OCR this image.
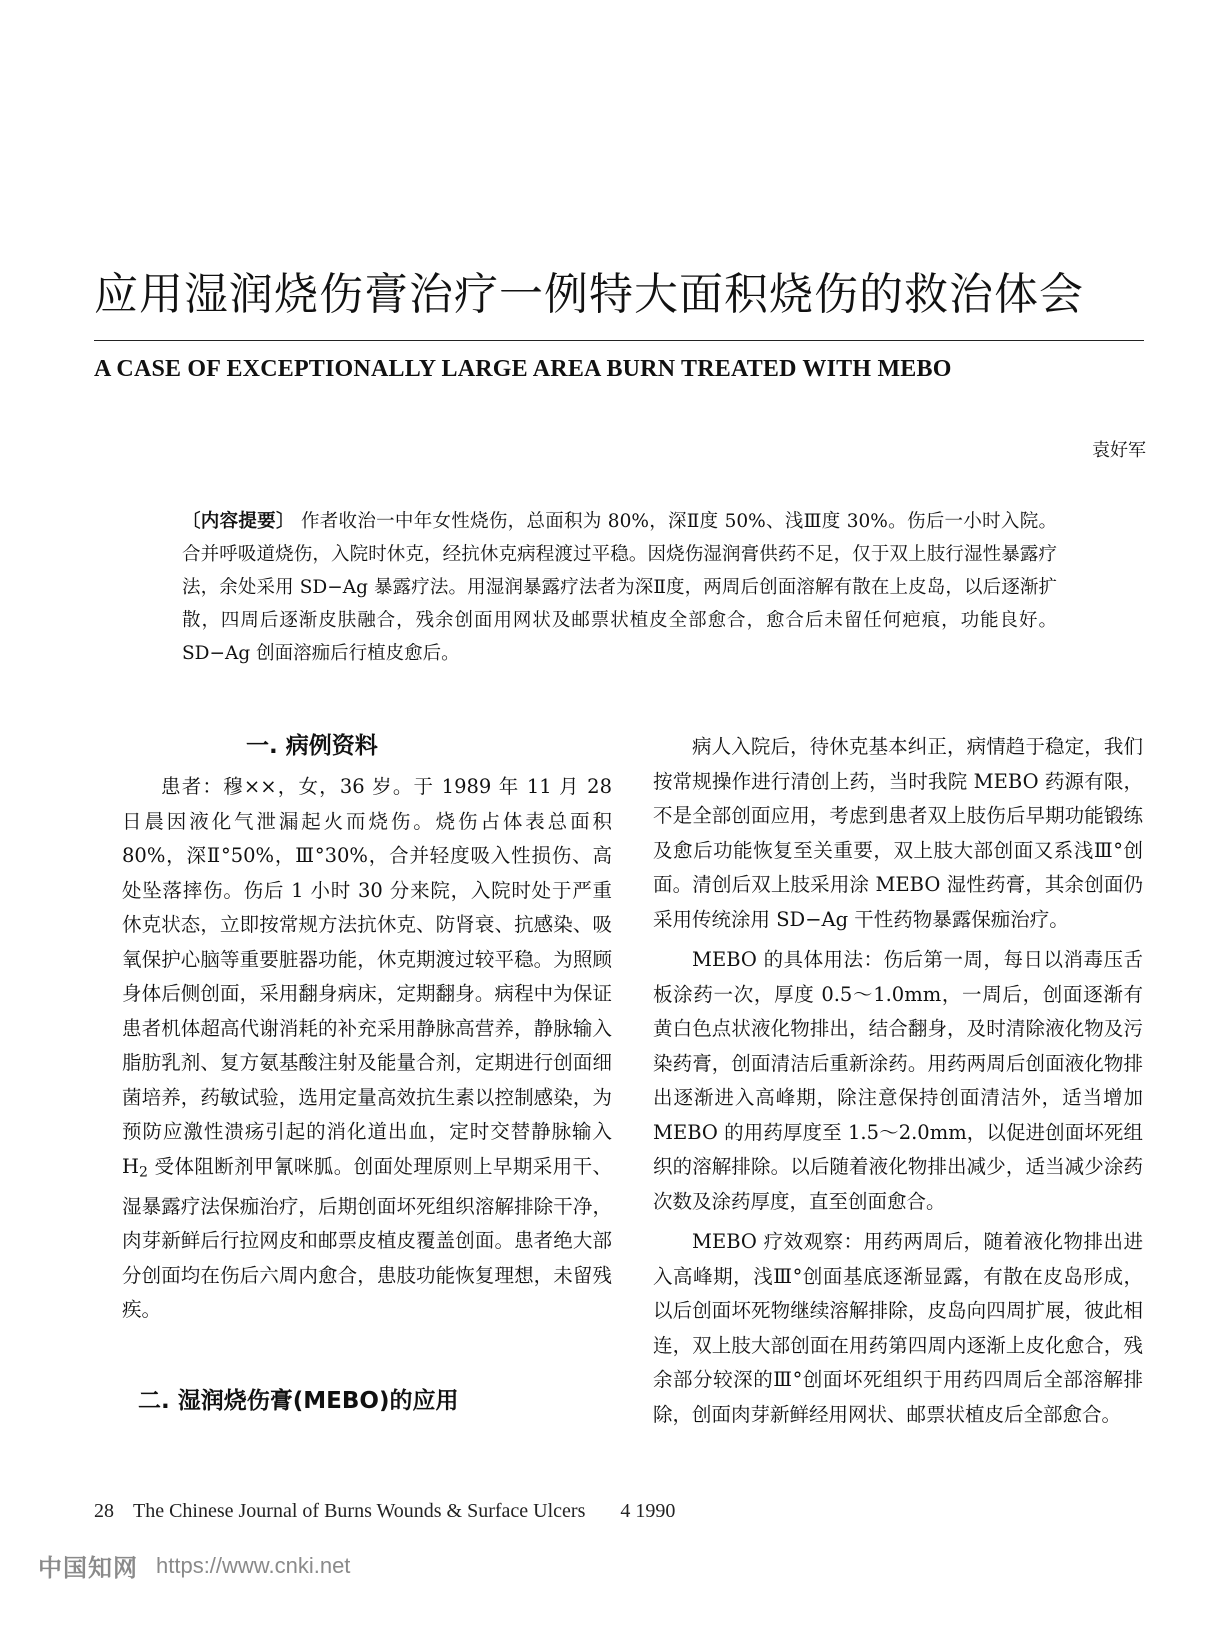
应用湿润烧伤膏治疗一例特大面积烧伤的救治体会
A CASE OF EXCEPTIONALLY LARGE AREA BURN TREATED WITH MEBO
袁好军
〔内容提要〕 作者收治一中年女性烧伤，总面积为 80%，深Ⅱ度 50%、浅Ⅲ度 30%。伤后一小时入院。合并呼吸道烧伤，入院时休克，经抗休克病程渡过平稳。因烧伤湿润膏供药不足，仅于双上肢行湿性暴露疗法，余处采用 SD−Ag 暴露疗法。用湿润暴露疗法者为深Ⅱ度，两周后创面溶解有散在上皮岛，以后逐渐扩散，四周后逐渐皮肤融合，残余创面用网状及邮票状植皮全部愈合，愈合后未留任何疤痕，功能良好。SD−Ag 创面溶痂后行植皮愈后。
一. 病例资料

患者：穆××，女，36 岁。于 1989 年 11 月 28 日晨因液化气泄漏起火而烧伤。烧伤占体表总面积 80%，深Ⅱ°50%，Ⅲ°30%，合并轻度吸入性损伤、高处坠落摔伤。伤后 1 小时 30 分来院，入院时处于严重休克状态，立即按常规方法抗休克、防肾衰、抗感染、吸氧保护心脑等重要脏器功能，休克期渡过较平稳。为照顾身体后侧创面，采用翻身病床，定期翻身。病程中为保证患者机体超高代谢消耗的补充采用静脉高营养，静脉输入脂肪乳剂、复方氨基酸注射及能量合剂，定期进行创面细菌培养，药敏试验，选用定量高效抗生素以控制感染，为预防应激性溃疡引起的消化道出血，定时交替静脉输入 $H_2$ 受体阻断剂甲氰咪胍。创面处理原则上早期采用干、湿暴露疗法保痂治疗，后期创面坏死组织溶解排除干净，肉芽新鲜后行拉网皮和邮票皮植皮覆盖创面。患者绝大部分创面均在伤后六周内愈合，患肢功能恢复理想，未留残疾。

二. 湿润烧伤膏(MEBO)的应用

病人入院后，待休克基本纠正，病情趋于稳定，我们按常规操作进行清创上药，当时我院 MEBO 药源有限，不是全部创面应用，考虑到患者双上肢伤后早期功能锻练及愈后功能恢复至关重要，双上肢大部创面又系浅Ⅲ°创面。清创后双上肢采用涂 MEBO 湿性药膏，其余创面仍采用传统涂用 SD−Ag 干性药物暴露保痂治疗。

MEBO 的具体用法：伤后第一周，每日以消毒压舌板涂药一次，厚度 0.5～1.0mm，一周后，创面逐渐有黄白色点状液化物排出，结合翻身，及时清除液化物及污染药膏，创面清洁后重新涂药。用药两周后创面液化物排出逐渐进入高峰期，除注意保持创面清洁外，适当增加 MEBO 的用药厚度至 1.5～2.0mm，以促进创面坏死组织的溶解排除。以后随着液化物排出减少，适当减少涂药次数及涂药厚度，直至创面愈合。

MEBO 疗效观察：用药两周后，随着液化物排出进入高峰期，浅Ⅲ°创面基底逐渐显露，有散在皮岛形成，以后创面坏死物继续溶解排除，皮岛向四周扩展，彼此相连，双上肢大部创面在用药第四周内逐渐上皮化愈合，残余部分较深的Ⅲ°创面坏死组织于用药四周后全部溶解排除，创面肉芽新鲜经用网状、邮票状植皮后全部愈合。

28 The Chinese Journal of Burns Wounds & Surface Ulcers 4 1990
中国知网 https://www.cnki.net
